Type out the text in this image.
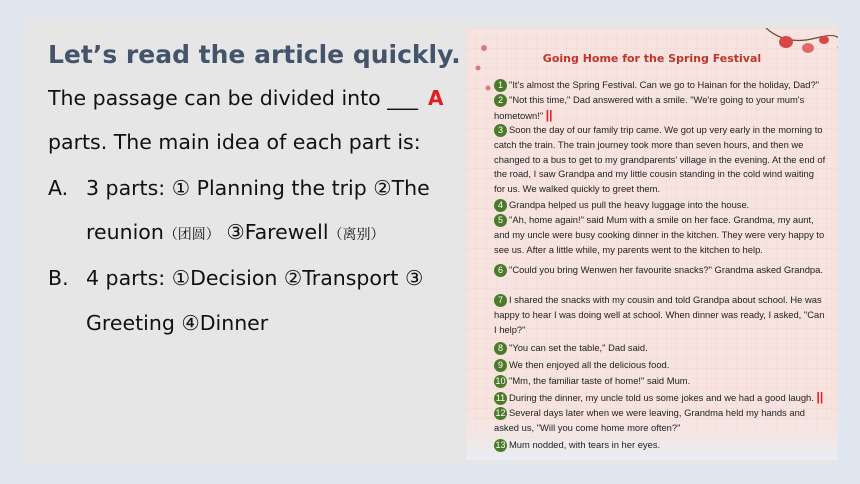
Let’s read the article quickly.
The passage can be divided into ___ A
parts. The main idea of each part is:
A. 3 parts: ① Planning the trip ②The
reunion（团圆） ③Farewell（离别）
B. 4 parts: ①Decision ②Transport ③
Greeting ④Dinner
Going Home for the Spring Festival
1 "It's almost the Spring Festival. Can we go to Hainan for the holiday, Dad?"
2 "Not this time," Dad answered with a smile. "We're going to your mum's hometown!" ||
3 Soon the day of our family trip came. We got up very early in the morning to catch the train. The train journey took more than seven hours, and then we changed to a bus to get to my grandparents' village in the evening. At the end of the road, I saw Grandpa and my little cousin standing in the cold wind waiting for us. We walked quickly to greet them.
4 Grandpa helped us pull the heavy luggage into the house.
5 "Ah, home again!" said Mum with a smile on her face. Grandma, my aunt, and my uncle were busy cooking dinner in the kitchen. They were very happy to see us. After a little while, my parents went to the kitchen to help.
6 "Could you bring Wenwen her favourite snacks?" Grandma asked Grandpa.
7 I shared the snacks with my cousin and told Grandpa about school. He was happy to hear I was doing well at school. When dinner was ready, I asked, "Can I help?"
8 "You can set the table," Dad said.
9 We then enjoyed all the delicious food.
10 "Mm, the familiar taste of home!" said Mum.
11 During the dinner, my uncle told us some jokes and we had a good laugh. ||
12 Several days later when we were leaving, Grandma held my hands and asked us, "Will you come home more often?"
13 Mum nodded, with tears in her eyes.
